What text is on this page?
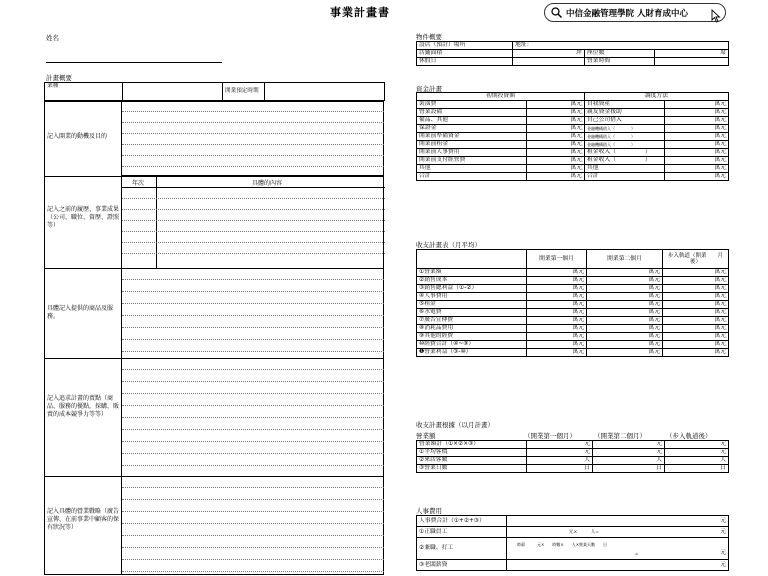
事業計畫書	中信金融管理學院 人財育成中心
姓名
計畫概要
業種		開業預定時期	
記入開業的動機及目的
記入之前的履歷、事業成果（公司、職位、資歷、證照等）
年次	具體的內容
具體記入提供的商品及服務。
記入追求計畫的賣點（商品、服務的優點，採購、販賣的成本競爭力等等）
記入具體的營業戰略（廣告宣傳、在前事業中顧客的保有狀況等）
物件概要
設店（預計）場所	地址：		
店鋪面積	坪	座位數	席
休假日		營業時間	
資金計畫
初期投資額		調度方法	
裝潢費	萬元	自我資產	萬元
營業設備	萬元	親友資金援助	萬元
備品、其他	萬元	自己公司借入	萬元
保證金	萬元	金融機構借入（　　　　）	萬元
開業前準備資金	萬元	金融機構借入（　　　　）	萬元
開業前租金	萬元	金融機構借入（　　　　）	萬元
開業前人事費用	萬元	租金收入（　　　　　）	萬元
開業前支付經營費	萬元	租金收入（　　　　　）	萬元
其他	萬元	其他	萬元
合計	萬元	合計	萬元
收支計畫表（月平均）
	開業第一個月	開業第二個月	步入軌道（開業　　月後）
①營業額	萬元	萬元	萬元
②銷售成本	萬元	萬元	萬元
③銷售總利益（①-②）	萬元	萬元	萬元
④人事費用	萬元	萬元	萬元
⑤租金	萬元	萬元	萬元
⑥水電費	萬元	萬元	萬元
⑦廣告宣傳費	萬元	萬元	萬元
⑧消耗品費用	萬元	萬元	萬元
⑨其他的經費	萬元	萬元	萬元
⑩經費合計（④~⑨）	萬元	萬元	萬元
❶營業利益（③-⑩）	萬元	萬元	萬元
收支計畫根據（以月計畫）
營業額	（開業第一個月）	（開業第二個月）	（步入軌道後）
營業額計（①×②×③）	元	元	元
①平均客價	元	元	元
②來店客數	人	人	人
③營業日數	日	日	日
人事費用
人事費合計（①+②+③）	元
①正職員工	元×　　　人= 元

②兼職、打工	時薪　　　元×　　時數×　　人×營業天數　　日
= 元

③老闆薪資	元
